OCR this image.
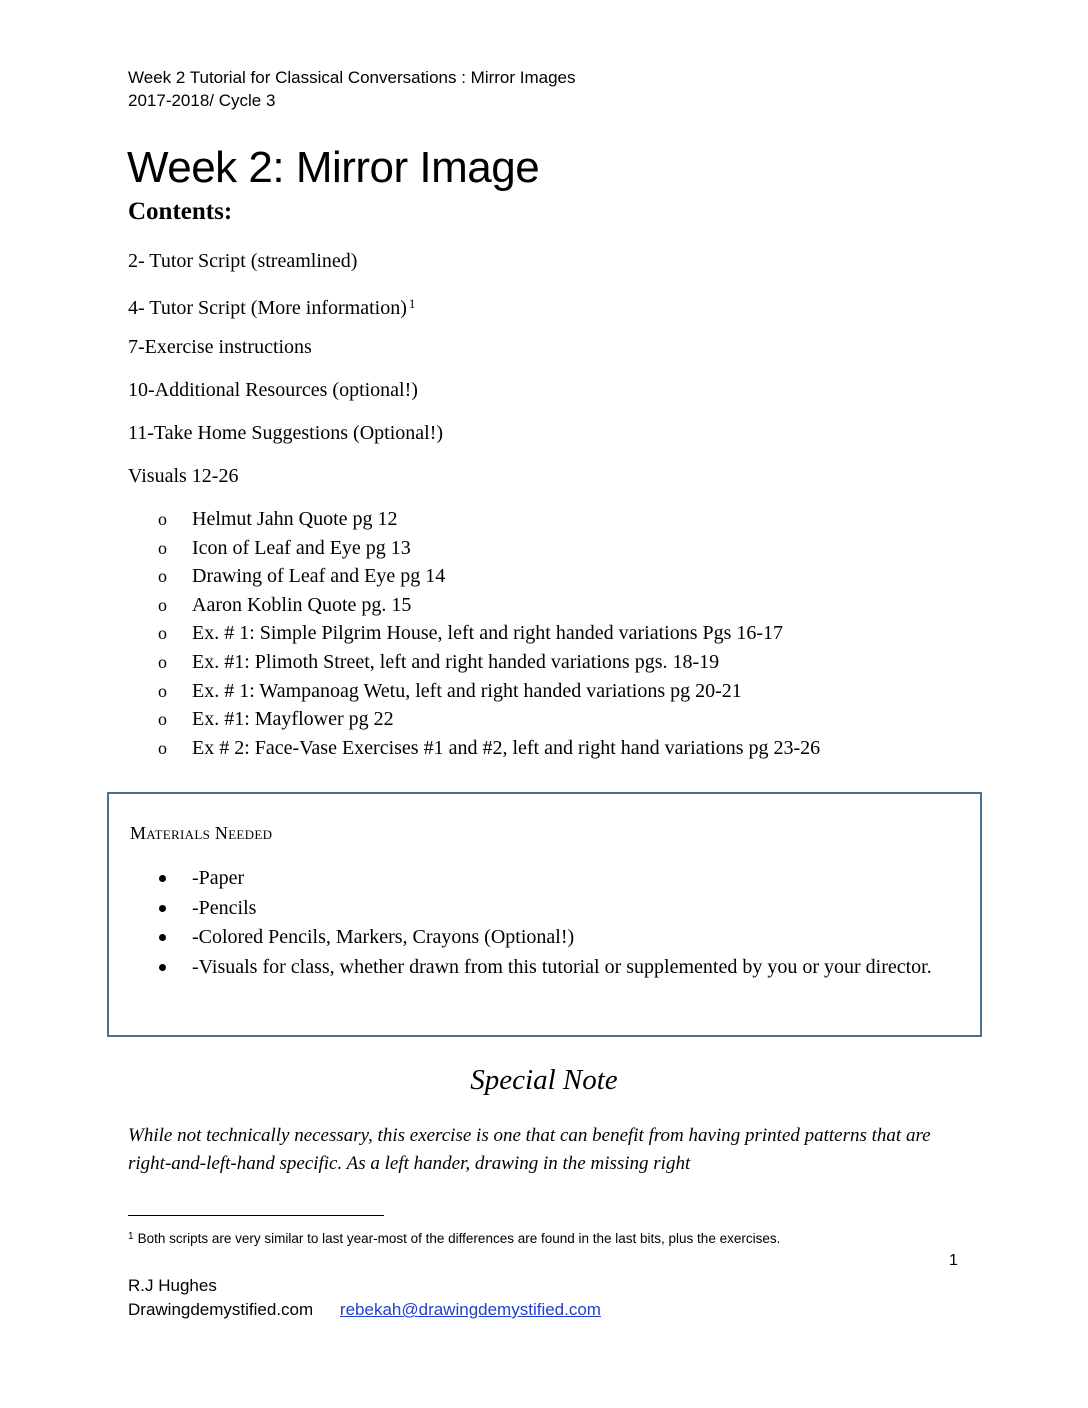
Week 2 Tutorial for Classical Conversations : Mirror Images
2017-2018/ Cycle 3
Week 2: Mirror Image
Contents:
2- Tutor Script (streamlined)
4- Tutor Script (More information) $^1$
7-Exercise instructions
10-Additional Resources (optional!)
11-Take Home Suggestions (Optional!)
Visuals 12-26
o Helmut Jahn Quote pg 12
o Icon of Leaf and Eye pg 13
o Drawing of Leaf and Eye pg 14
o Aaron Koblin Quote pg. 15
o Ex. # 1: Simple Pilgrim House, left and right handed variations Pgs 16-17
o Ex. #1: Plimoth Street, left and right handed variations pgs. 18-19
o Ex. # 1: Wampanoag Wetu, left and right handed variations pg 20-21
o Ex. #1: Mayflower pg 22
o Ex # 2: Face-Vase Exercises #1 and #2, left and right hand variations pg 23-26
Materials Needed
-Paper
-Pencils
-Colored Pencils, Markers, Crayons (Optional!)
-Visuals for class, whether drawn from this tutorial or supplemented by you or your director.
Special Note

While not technically necessary, this exercise is one that can benefit from having printed patterns that are right-and-left-hand specific. As a left hander, drawing in the missing right

$^1$ Both scripts are very similar to last year-most of the differences are found in the last bits, plus the exercises.
1
R.J Hughes
Drawingdemystified.com rebekah@drawingdemystified.com
